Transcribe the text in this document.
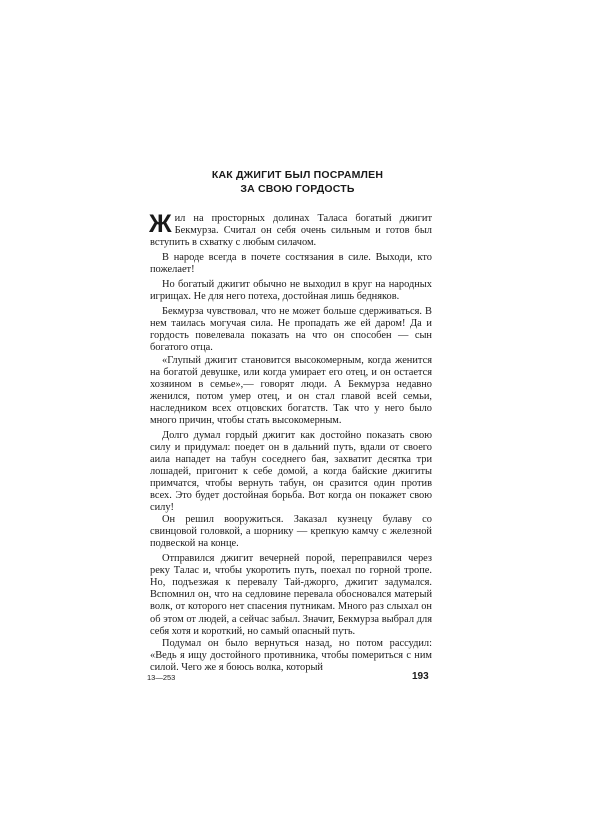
КАК ДЖИГИТ БЫЛ ПОСРАМЛЕН
ЗА СВОЮ ГОРДОСТЬ

Жил на просторных долинах Таласа богатый джигит Бекмурза. Считал он себя очень сильным и готов был вступить в схватку с любым силачом.

В народе всегда в почете состязания в силе. Выходи, кто пожелает!

Но богатый джигит обычно не выходил в круг на народных игрищах. Не для него потеха, достойная лишь бедняков.

Бекмурза чувствовал, что не может больше сдерживаться. В нем таилась могучая сила. Не пропадать же ей даром! Да и гордость повелевала показать на что он способен — сын богатого отца.

«Глупый джигит становится высокомерным, когда женится на богатой девушке, или когда умирает его отец, и он остается хозяином в семье»,— говорят люди. А Бекмурза недавно женился, потом умер отец, и он стал главой всей семьи, наследником всех отцовских богатств. Так что у него было много причин, чтобы стать высокомерным.

Долго думал гордый джигит как достойно показать свою силу и придумал: поедет он в дальний путь, вдали от своего аила нападет на табун соседнего бая, захватит десятка три лошадей, пригонит к себе домой, а когда байские джигиты примчатся, чтобы вернуть табун, он сразится один против всех. Это будет достойная борьба. Вот когда он покажет свою силу!

Он решил вооружиться. Заказал кузнецу булаву со свинцовой головкой, а шорнику — крепкую камчу с железной подвеской на конце.

Отправился джигит вечерней порой, переправился через реку Талас и, чтобы укоротить путь, поехал по горной тропе. Но, подъезжая к перевалу Тай-джорго, джигит задумался. Вспомнил он, что на седловине перевала обосновался матерый волк, от которого нет спасения путникам. Много раз слыхал он об этом от людей, а сейчас забыл. Значит, Бекмурза выбрал для себя хотя и короткий, но самый опасный путь.

Подумал он было вернуться назад, но потом рассудил: «Ведь я ищу достойного противника, чтобы помериться с ним силой. Чего же я боюсь волка, который

13—253	193
